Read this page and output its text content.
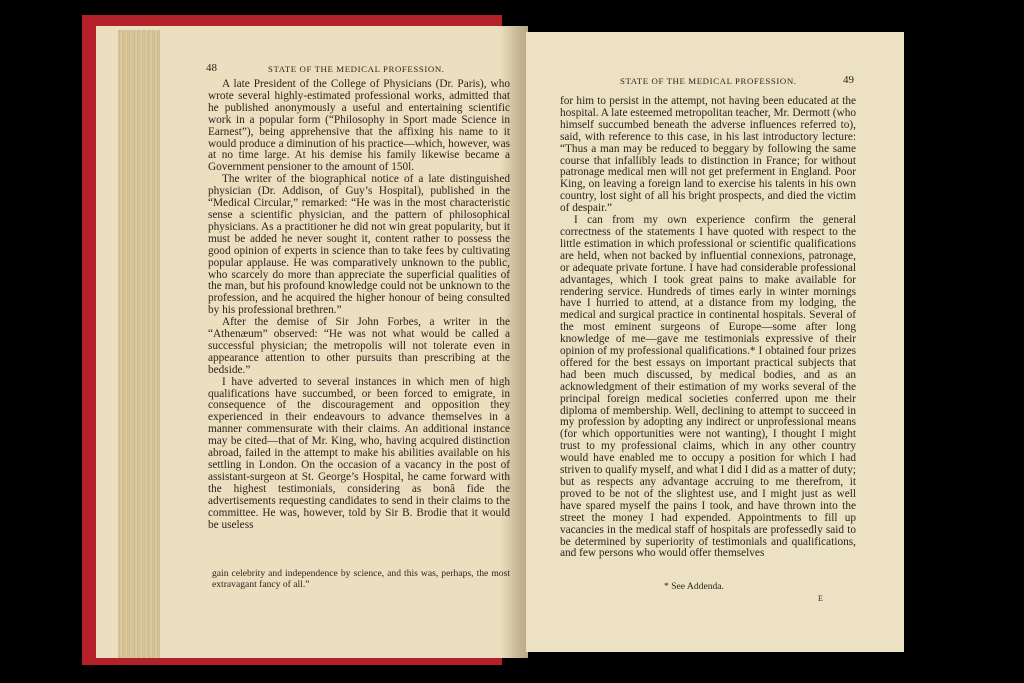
48	STATE OF THE MEDICAL PROFESSION.

A late President of the College of Physicians (Dr. Paris), who wrote several highly-estimated professional works, admitted that he published anonymously a useful and entertaining scientific work in a popular form (“Philosophy in Sport made Science in Earnest”), being apprehensive that the affixing his name to it would produce a diminution of his practice—which, however, was at no time large. At his demise his family likewise became a Government pensioner to the amount of 150l.

The writer of the biographical notice of a late distinguished physician (Dr. Addison, of Guy’s Hospital), published in the “Medical Circular,” remarked: “He was in the most characteristic sense a scientific physician, and the pattern of philosophical physicians. As a practitioner he did not win great popularity, but it must be added he never sought it, content rather to possess the good opinion of experts in science than to take fees by cultivating popular applause. He was comparatively unknown to the public, who scarcely do more than appreciate the superficial qualities of the man, but his profound knowledge could not be unknown to the profession, and he acquired the higher honour of being consulted by his professional brethren.”

After the demise of Sir John Forbes, a writer in the “Athenæum” observed: “He was not what would be called a successful physician; the metropolis will not tolerate even in appearance attention to other pursuits than prescribing at the bedside.”

I have adverted to several instances in which men of high qualifications have succumbed, or been forced to emigrate, in consequence of the discouragement and opposition they experienced in their endeavours to advance themselves in a manner commensurate with their claims. An additional instance may be cited—that of Mr. King, who, having acquired distinction abroad, failed in the attempt to make his abilities available on his settling in London. On the occasion of a vacancy in the post of assistant-surgeon at St. George’s Hospital, he came forward with the highest testimonials, considering as bonâ fide the advertisements requesting candidates to send in their claims to the committee. He was, however, told by Sir B. Brodie that it would be useless

gain celebrity and independence by science, and this was, perhaps, the most extravagant fancy of all.”
STATE OF THE MEDICAL PROFESSION.	49

for him to persist in the attempt, not having been educated at the hospital. A late esteemed metropolitan teacher, Mr. Dermott (who himself succumbed beneath the adverse influences referred to), said, with reference to this case, in his last introductory lecture: “Thus a man may be reduced to beggary by following the same course that infallibly leads to distinction in France; for without patronage medical men will not get preferment in England. Poor King, on leaving a foreign land to exercise his talents in his own country, lost sight of all his bright prospects, and died the victim of despair.”

I can from my own experience confirm the general correctness of the statements I have quoted with respect to the little estimation in which professional or scientific qualifications are held, when not backed by influential connexions, patronage, or adequate private fortune. I have had considerable professional advantages, which I took great pains to make available for rendering service. Hundreds of times early in winter mornings have I hurried to attend, at a distance from my lodging, the medical and surgical practice in continental hospitals. Several of the most eminent surgeons of Europe—some after long knowledge of me—gave me testimonials expressive of their opinion of my professional qualifications.* I obtained four prizes offered for the best essays on important practical subjects that had been much discussed, by medical bodies, and as an acknowledgment of their estimation of my works several of the principal foreign medical societies conferred upon me their diploma of membership. Well, declining to attempt to succeed in my profession by adopting any indirect or unprofessional means (for which opportunities were not wanting), I thought I might trust to my professional claims, which in any other country would have enabled me to occupy a position for which I had striven to qualify myself, and what I did I did as a matter of duty; but as respects any advantage accruing to me therefrom, it proved to be not of the slightest use, and I might just as well have spared myself the pains I took, and have thrown into the street the money I had expended. Appointments to fill up vacancies in the medical staff of hospitals are professedly said to be determined by superiority of testimonials and qualifications, and few persons who would offer themselves

* See Addenda.
E
